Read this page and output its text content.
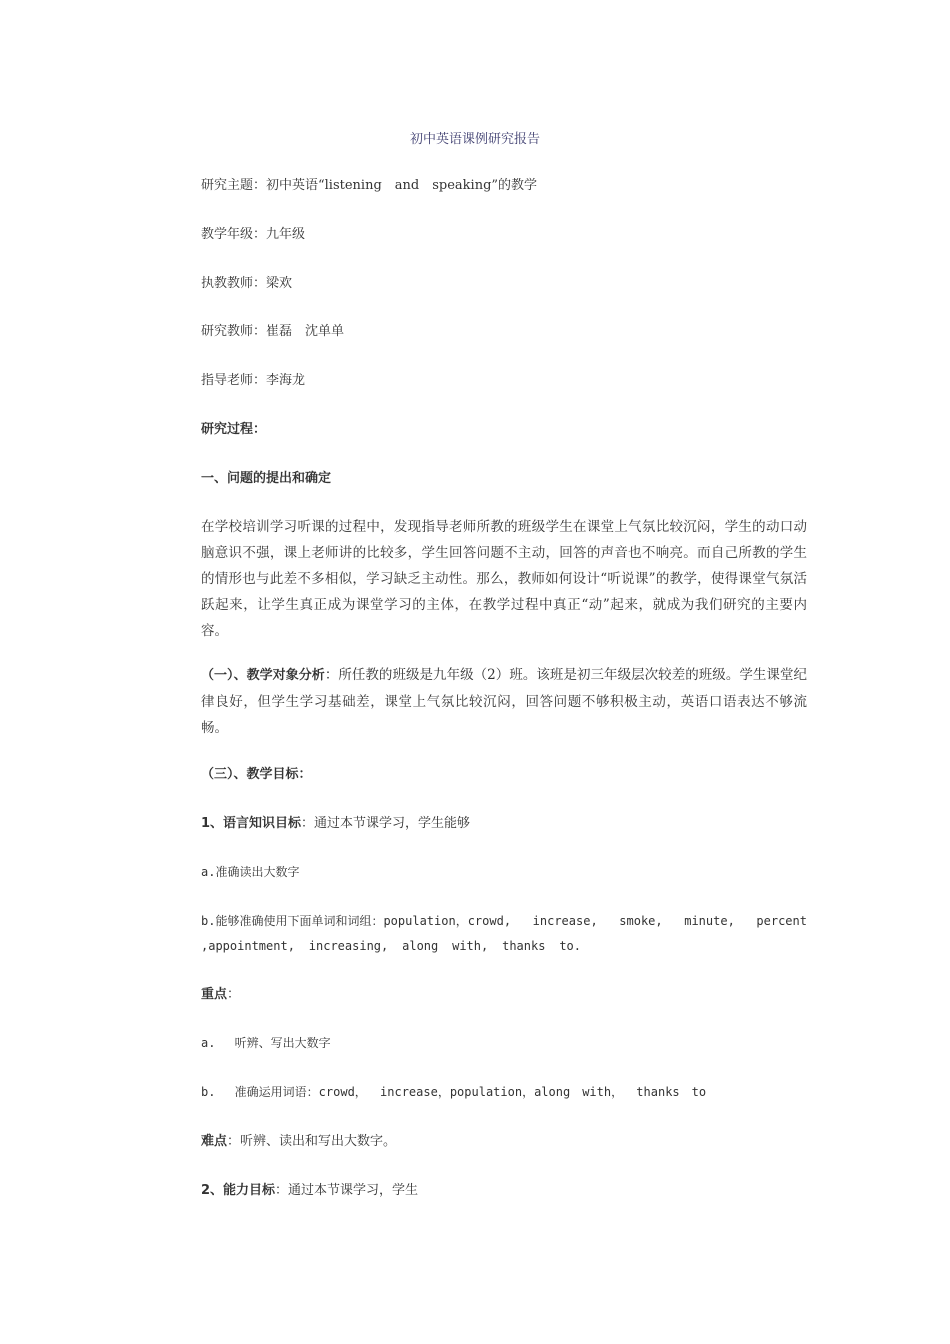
初中英语课例研究报告
研究主题：初中英语“listening　and　speaking”的教学
教学年级：九年级
执教教师：梁欢
研究教师：崔磊　沈单单
指导老师：李海龙
研究过程：
一、问题的提出和确定
在学校培训学习听课的过程中，发现指导老师所教的班级学生在课堂上气氛比较沉闷，学生的动口动脑意识不强，课上老师讲的比较多，学生回答问题不主动，回答的声音也不响亮。而自己所教的学生的情形也与此差不多相似，学习缺乏主动性。那么，教师如何设计“听说课”的教学，使得课堂气氛活跃起来，让学生真正成为课堂学习的主体，在教学过程中真正“动”起来，就成为我们研究的主要内容。
（一）、教学对象分析：所任教的班级是九年级（2）班。该班是初三年级层次较差的班级。学生课堂纪律良好，但学生学习基础差，课堂上气氛比较沉闷，回答问题不够积极主动，英语口语表达不够流畅。
（三）、教学目标：
1、语言知识目标：通过本节课学习，学生能够
a.准确读出大数字
b.能够准确使用下面单词和词组：population，crowd, increase, smoke, minute, percent
,appointment, increasing, along with, thanks to.
重点：
a.　 听辨、写出大数字
b.　 准确运用词语：crowd，　 increase，population，along　with，　 thanks　to
难点：听辨、读出和写出大数字。
2、能力目标：通过本节课学习，学生
